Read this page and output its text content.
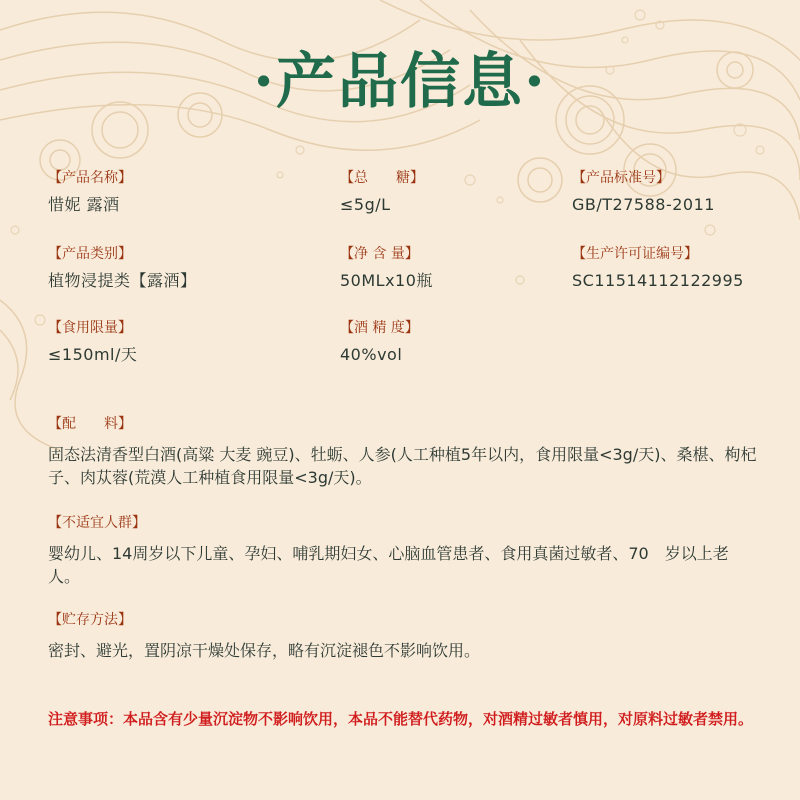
·产品信息·
【产品名称】
惜妮 露酒
【总　　糖】
≤5g/L
【产品标准号】
GB/T27588-2011
【产品类别】
植物浸提类【露酒】
【净 含 量】
50MLx10瓶
【生产许可证编号】
SC11514112122995
【食用限量】
≤150ml/天
【酒 精 度】
40%vol
【配　　料】
固态法清香型白酒(高粱 大麦 豌豆)、牡蛎、人参(人工种植5年以内，食用限量<3g/天)、桑椹、枸杞子、肉苁蓉(荒漠人工种植食用限量<3g/天)。
【不适宜人群】
婴幼儿、14周岁以下儿童、孕妇、哺乳期妇女、心脑血管患者、食用真菌过敏者、70　岁以上老人。
【贮存方法】
密封、避光，置阴凉干燥处保存，略有沉淀褪色不影响饮用。
注意事项：本品含有少量沉淀物不影响饮用，本品不能替代药物，对酒精过敏者慎用，对原料过敏者禁用。
